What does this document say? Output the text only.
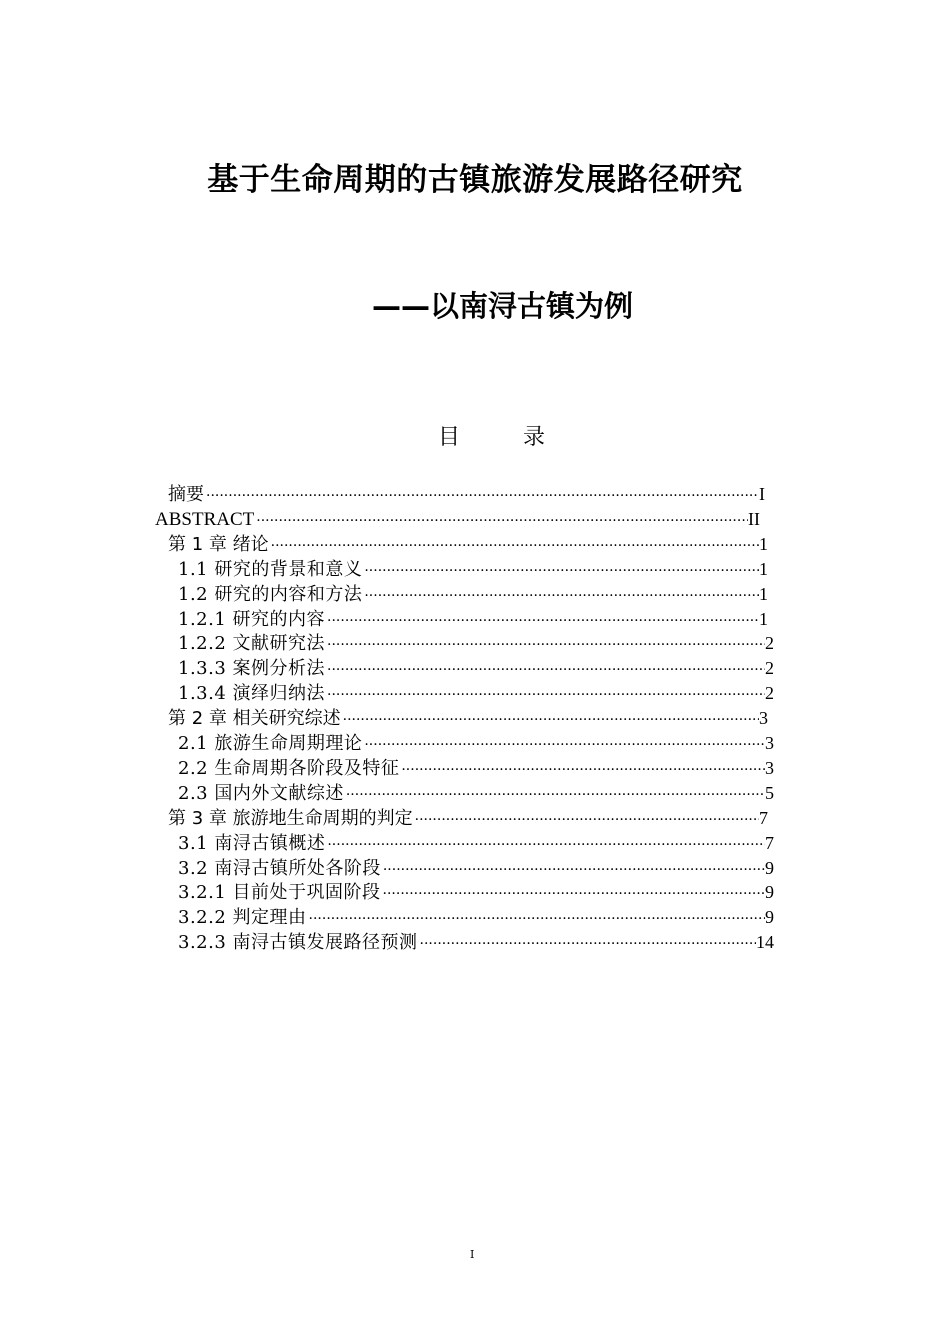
基于生命周期的古镇旅游发展路径研究
——以南浔古镇为例
目 录
摘要 ·····	I
ABSTRACT ·····	II
第 1 章 绪论 ·····	1
1.1 研究的背景和意义 ·····	1
1.2 研究的内容和方法 ·····	1
1.2.1 研究的内容 ·····	1
1.2.2 文献研究法 ·····	2
1.3.3 案例分析法 ·····	2
1.3.4 演绎归纳法 ·····	2
第 2 章 相关研究综述 ·····	3
2.1 旅游生命周期理论 ·····	3
2.2 生命周期各阶段及特征 ·····	3
2.3 国内外文献综述 ·····	5
第 3 章 旅游地生命周期的判定 ·····	7
3.1 南浔古镇概述 ·····	7
3.2 南浔古镇所处各阶段 ·····	9
3.2.1 目前处于巩固阶段 ·····	9
3.2.2 判定理由 ·····	9
3.2.3 南浔古镇发展路径预测 ·····	14
I
